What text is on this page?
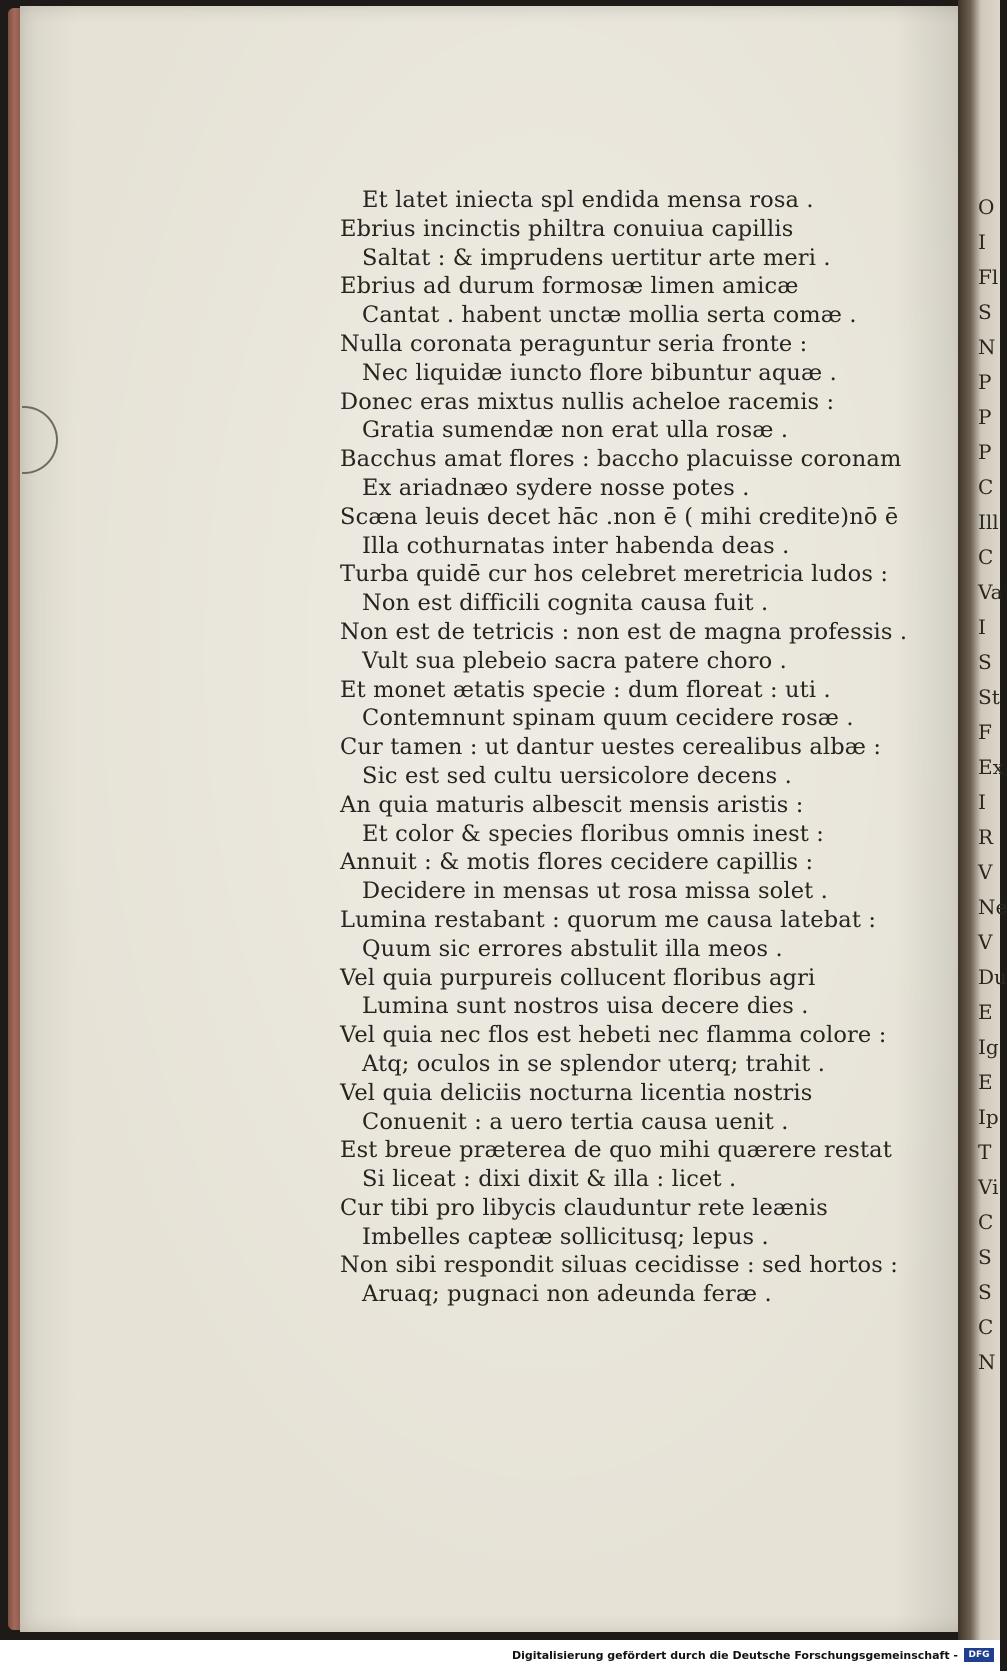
O
I
Fl
S
N
P
P
P
C
Ill
C
Va
I
S
St
F
Ex
I
R
V
Ne
V
Du
E
Ig
E
Ip
T
Vi
C
S
S
C
N
Et latet iniecta spl endida mensa rosa .
Ebrius incinctis philtra conuiua capillis
Saltat : & imprudens uertitur arte meri .
Ebrius ad durum formosæ limen amicæ
Cantat . habent unctæ mollia serta comæ .
Nulla coronata peraguntur seria fronte :
Nec liquidæ iuncto flore bibuntur aquæ .
Donec eras mixtus nullis acheloe racemis :
Gratia sumendæ non erat ulla rosæ .
Bacchus amat flores : baccho placuisse coronam
Ex ariadnæo sydere nosse potes .
Scæna leuis decet hāc .non ē ( mihi credite)nō ē
Illa cothurnatas inter habenda deas .
Turba quidē cur hos celebret meretricia ludos :
Non est difficili cognita causa fuit .
Non est de tetricis : non est de magna professis .
Vult sua plebeio sacra patere choro .
Et monet ætatis specie : dum floreat : uti .
Contemnunt spinam quum cecidere rosæ .
Cur tamen : ut dantur uestes cerealibus albæ :
Sic est sed cultu uersicolore decens .
An quia maturis albescit mensis aristis :
Et color & species floribus omnis inest :
Annuit : & motis flores cecidere capillis :
Decidere in mensas ut rosa missa solet .
Lumina restabant : quorum me causa latebat :
Quum sic errores abstulit illa meos .
Vel quia purpureis collucent floribus agri
Lumina sunt nostros uisa decere dies .
Vel quia nec flos est hebeti nec flamma colore :
Atq; oculos in se splendor uterq; trahit .
Vel quia deliciis nocturna licentia nostris
Conuenit : a uero tertia causa uenit .
Est breue præterea de quo mihi quærere restat
Si liceat : dixi dixit & illa : licet .
Cur tibi pro libycis clauduntur rete leænis
Imbelles capteæ sollicitusq; lepus .
Non sibi respondit siluas cecidisse : sed hortos :
Aruaq; pugnaci non adeunda feræ .
Digitalisierung gefördert durch die Deutsche Forschungsgemeinschaft -	DFG
